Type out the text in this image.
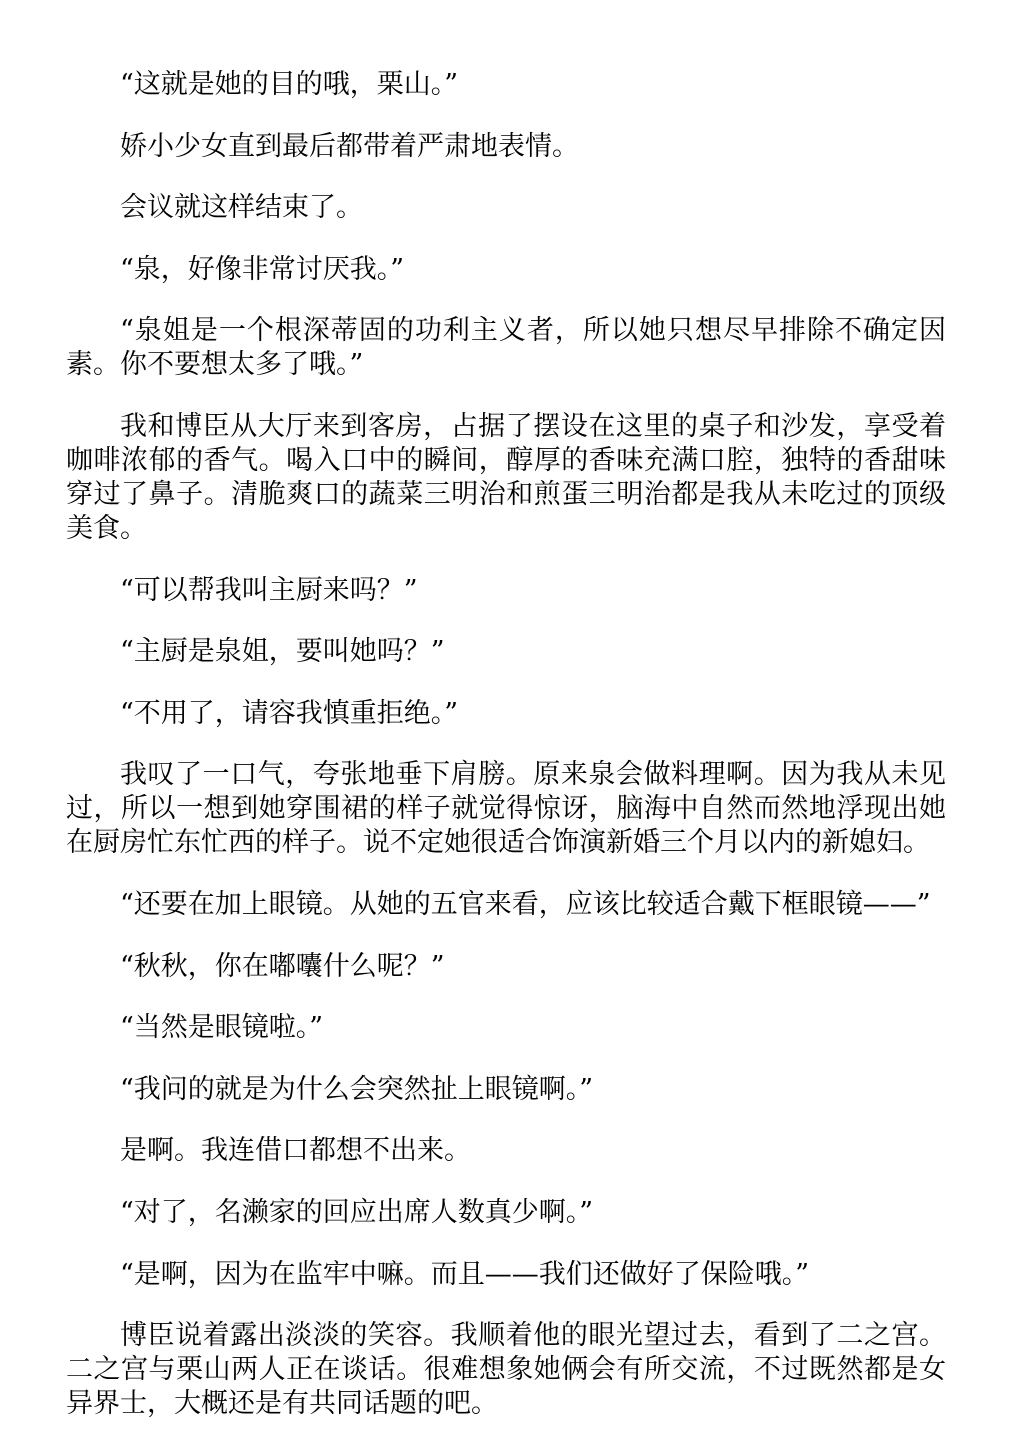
“这就是她的目的哦，栗山。”

娇小少女直到最后都带着严肃地表情。

会议就这样结束了。

“泉，好像非常讨厌我。”

“泉姐是一个根深蒂固的功利主义者，所以她只想尽早排除不确定因素。你不要想太多了哦。”

我和博臣从大厅来到客房，占据了摆设在这里的桌子和沙发，享受着咖啡浓郁的香气。喝入口中的瞬间，醇厚的香味充满口腔，独特的香甜味穿过了鼻子。清脆爽口的蔬菜三明治和煎蛋三明治都是我从未吃过的顶级美食。

“可以帮我叫主厨来吗？”

“主厨是泉姐，要叫她吗？”

“不用了，请容我慎重拒绝。”

我叹了一口气，夸张地垂下肩膀。原来泉会做料理啊。因为我从未见过，所以一想到她穿围裙的样子就觉得惊讶，脑海中自然而然地浮现出她在厨房忙东忙西的样子。说不定她很适合饰演新婚三个月以内的新媳妇。

“还要在加上眼镜。从她的五官来看，应该比较适合戴下框眼镜——”

“秋秋，你在嘟囔什么呢？”

“当然是眼镜啦。”

“我问的就是为什么会突然扯上眼镜啊。”

是啊。我连借口都想不出来。

“对了，名濑家的回应出席人数真少啊。”

“是啊，因为在监牢中嘛。而且——我们还做好了保险哦。”

博臣说着露出淡淡的笑容。我顺着他的眼光望过去，看到了二之宫。二之宫与栗山两人正在谈话。很难想象她俩会有所交流，不过既然都是女异界士，大概还是有共同话题的吧。
